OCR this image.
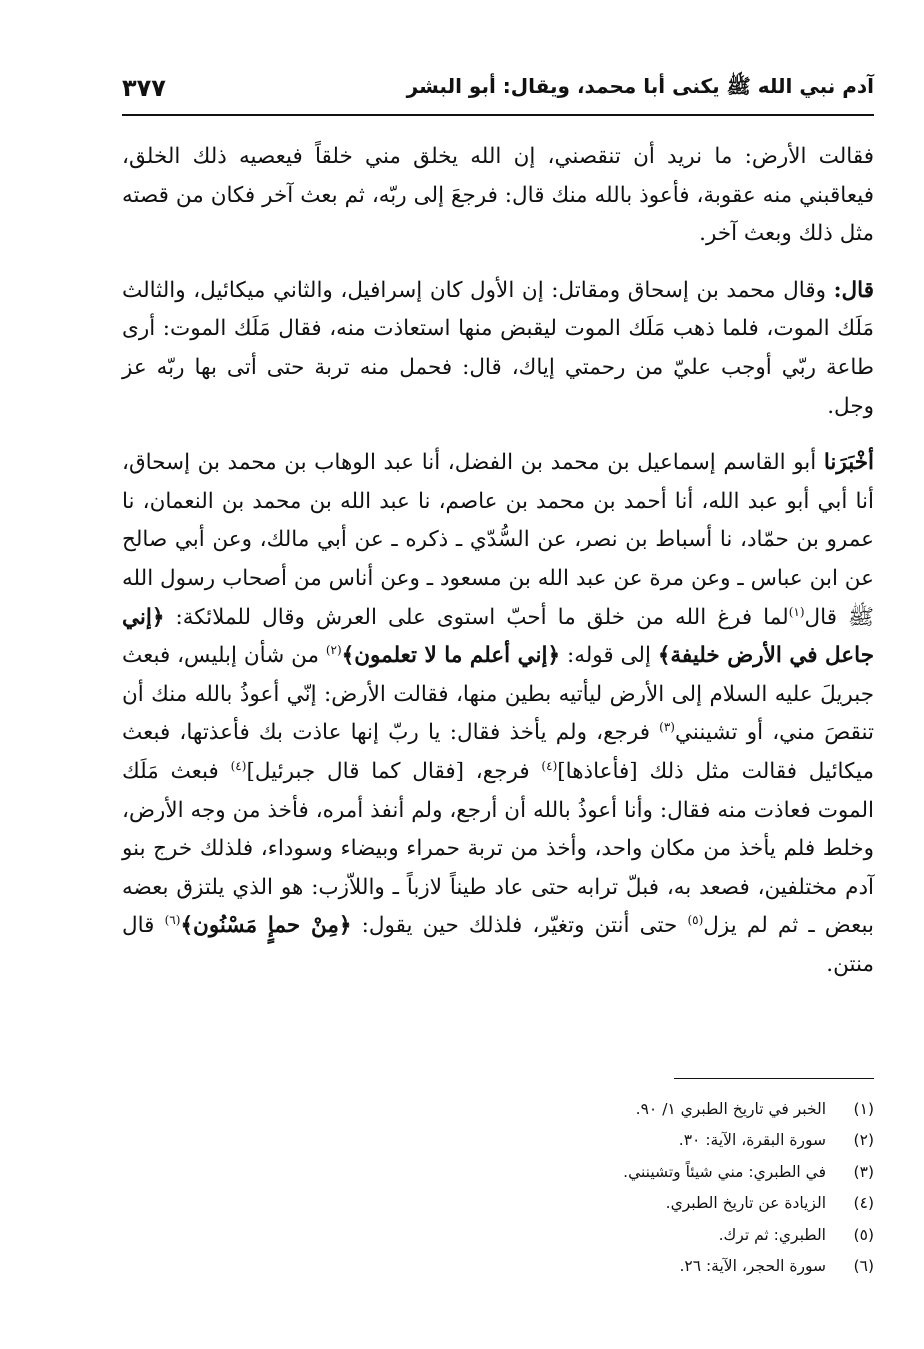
آدم نبي الله ﷺ يكنى أبا محمد، ويقال: أبو البشر
٣٧٧

فقالت الأرض: ما نريد أن تنقصني، إن الله يخلق مني خلقاً فيعصيه ذلك الخلق، فيعاقبني منه عقوبة، فأعوذ بالله منك قال: فرجعَ إلى ربّه، ثم بعث آخر فكان من قصته مثل ذلك وبعث آخر.

قال: وقال محمد بن إسحاق ومقاتل: إن الأول كان إسرافيل، والثاني ميكائيل، والثالث مَلَك الموت، فلما ذهب مَلَك الموت ليقبض منها استعاذت منه، فقال مَلَك الموت: أرى طاعة ربّي أوجب عليّ من رحمتي إياك، قال: فحمل منه تربة حتى أتى بها ربّه عز وجل.

أخْبَرَنا أبو القاسم إسماعيل بن محمد بن الفضل، أنا عبد الوهاب بن محمد بن إسحاق، أنا أبي أبو عبد الله، أنا أحمد بن محمد بن عاصم، نا عبد الله بن محمد بن النعمان، نا عمرو بن حمّاد، نا أسباط بن نصر، عن السُّدّي ـ ذكره ـ عن أبي مالك، وعن أبي صالح عن ابن عباس ـ وعن مرة عن عبد الله بن مسعود ـ وعن أناس من أصحاب رسول الله ﷺ قال$^{(١)}$لما فرغ الله من خلق ما أحبّ استوى على العرش وقال للملائكة: ﴿إني جاعل في الأرض خليفة﴾ إلى قوله: ﴿إني أعلم ما لا تعلمون﴾$^{(٢)}$ من شأن إبليس، فبعث جبريلَ عليه السلام إلى الأرض ليأتيه بطين منها، فقالت الأرض: إنّي أعوذُ بالله منك أن تنقصَ مني، أو تشينني$^{(٣)}$ فرجع، ولم يأخذ فقال: يا ربّ إنها عاذت بك فأعذتها، فبعث ميكائيل فقالت مثل ذلك [فأعاذها]$^{(٤)}$ فرجع، [فقال كما قال جبرئيل]$^{(٤)}$ فبعث مَلَك الموت فعاذت منه فقال: وأنا أعوذُ بالله أن أرجع، ولم أنفذ أمره، فأخذ من وجه الأرض، وخلط فلم يأخذ من مكان واحد، وأخذ من تربة حمراء وبيضاء وسوداء، فلذلك خرج بنو آدم مختلفين، فصعد به، فبلّ ترابه حتى عاد طيناً لازباً ـ واللاّزب: هو الذي يلتزق بعضه ببعض ـ ثم لم يزل$^{(٥)}$ حتى أنتن وتغيّر، فلذلك حين يقول: ﴿مِنْ حمإٍ مَسْنُون﴾$^{(٦)}$ قال منتن.

(١)
الخبر في تاريخ الطبري ١/ ٩٠.
(٢)
سورة البقرة، الآية: ٣٠.
(٣)
في الطبري: مني شيئاً وتشينني.
(٤)
الزيادة عن تاريخ الطبري.
(٥)
الطبري: ثم ترك.
(٦)
سورة الحجر، الآية: ٢٦.
